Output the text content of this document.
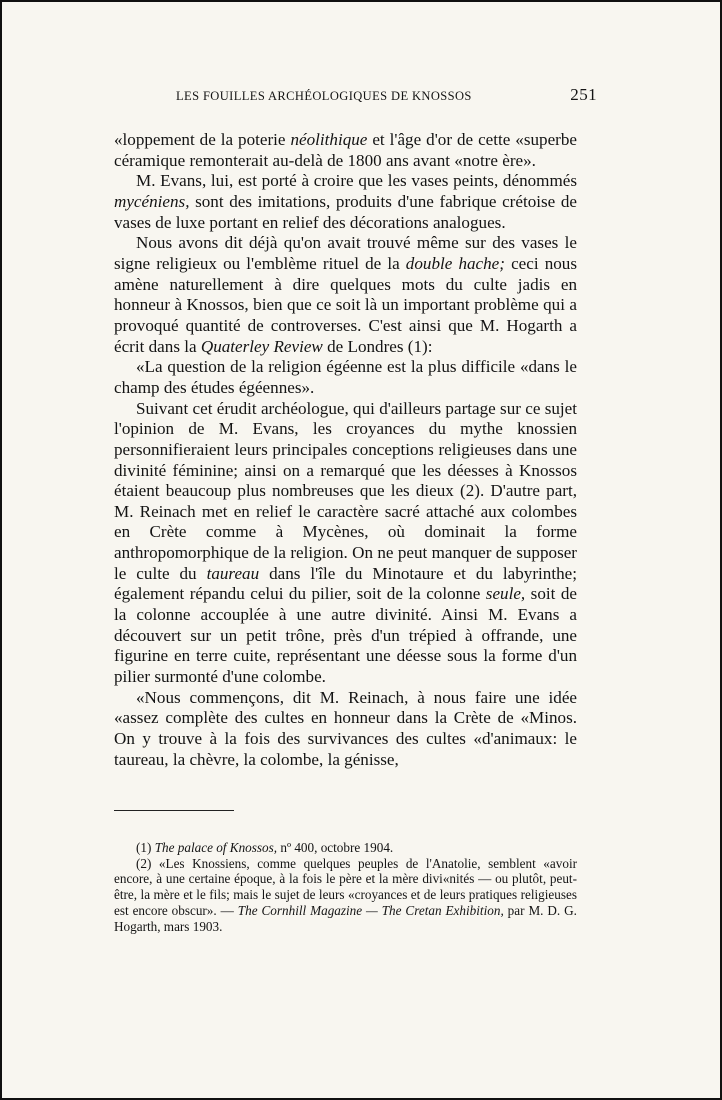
LES FOUILLES ARCHÉOLOGIQUES DE KNOSSOS	251

«loppement de la poterie néolithique et l'âge d'or de cette «superbe céramique remonterait au-delà de 1800 ans avant «notre ère».

M. Evans, lui, est porté à croire que les vases peints, dénommés mycéniens, sont des imitations, produits d'une fabrique crétoise de vases de luxe portant en relief des décorations analogues.

Nous avons dit déjà qu'on avait trouvé même sur des vases le signe religieux ou l'emblème rituel de la double hache; ceci nous amène naturellement à dire quelques mots du culte jadis en honneur à Knossos, bien que ce soit là un important problème qui a provoqué quantité de controverses. C'est ainsi que M. Hogarth a écrit dans la Quaterley Review de Londres (1):

«La question de la religion égéenne est la plus difficile «dans le champ des études égéennes».

Suivant cet érudit archéologue, qui d'ailleurs partage sur ce sujet l'opinion de M. Evans, les croyances du mythe knossien personnifieraient leurs principales conceptions religieuses dans une divinité féminine; ainsi on a remarqué que les déesses à Knossos étaient beaucoup plus nombreuses que les dieux (2). D'autre part, M. Reinach met en relief le caractère sacré attaché aux colombes en Crète comme à Mycènes, où dominait la forme anthropomorphique de la religion. On ne peut manquer de supposer le culte du taureau dans l'île du Minotaure et du labyrinthe; également répandu celui du pilier, soit de la colonne seule, soit de la colonne accouplée à une autre divinité. Ainsi M. Evans a découvert sur un petit trône, près d'un trépied à offrande, une figurine en terre cuite, représentant une déesse sous la forme d'un pilier surmonté d'une colombe.

«Nous commençons, dit M. Reinach, à nous faire une idée «assez complète des cultes en honneur dans la Crète de «Minos. On y trouve à la fois des survivances des cultes «d'animaux: le taureau, la chèvre, la colombe, la génisse,

(1) The palace of Knossos, nº 400, octobre 1904.

(2) «Les Knossiens, comme quelques peuples de l'Anatolie, semblent «avoir encore, à une certaine époque, à la fois le père et la mère divi«nités — ou plutôt, peut-être, la mère et le fils; mais le sujet de leurs «croyances et de leurs pratiques religieuses est encore obscur». — The Cornhill Magazine — The Cretan Exhibition, par M. D. G. Hogarth, mars 1903.
